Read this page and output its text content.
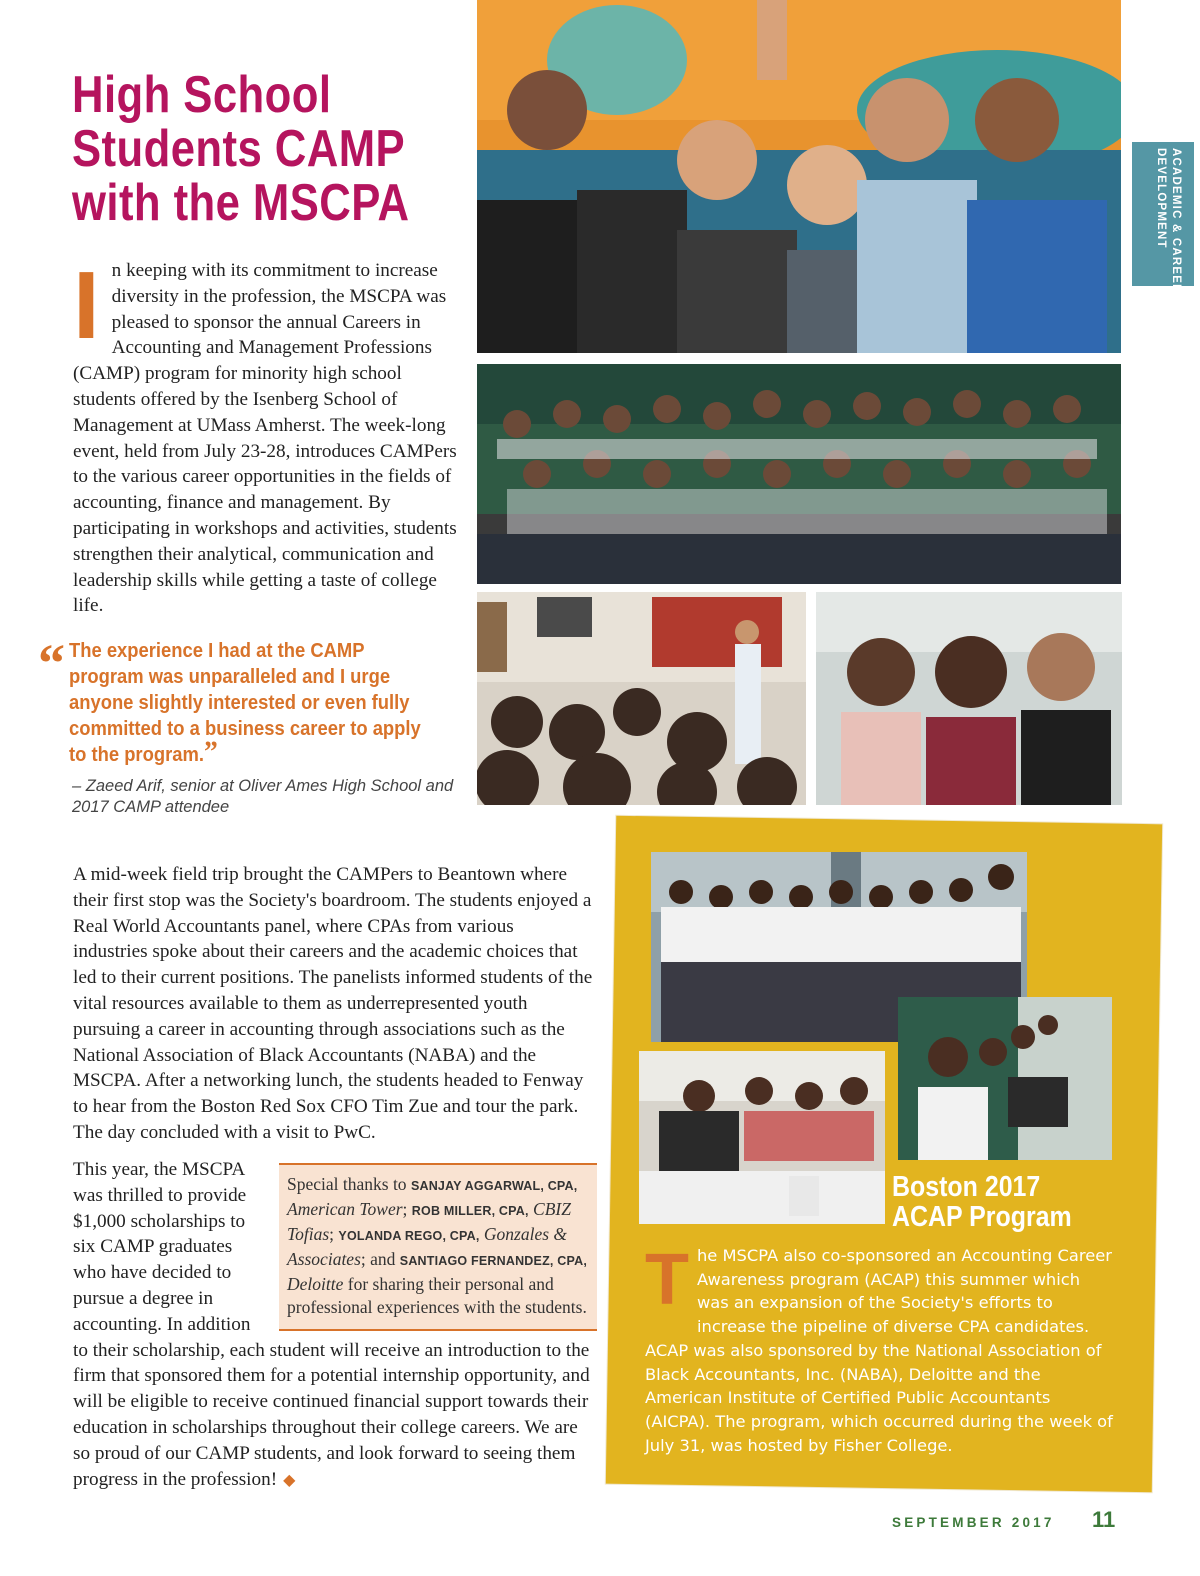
High School
Students CAMP
with the MSCPA
I n keeping with its commitment to increase diversity in the profession, the MSCPA was pleased to sponsor the annual Careers in Accounting and Management Professions (CAMP) program for minority high school students offered by the Isenberg School of Management at UMass Amherst. The week-long event, held from July 23-28, introduces CAMPers to the various career opportunities in the fields of accounting, finance and management. By participating in workshops and activities, students strengthen their analytical, communication and leadership skills while getting a taste of college life.

“ The experience I had at the CAMP program was unparalleled and I urge anyone slightly interested or even fully committed to a business career to apply to the program.”

– Zaeed Arif, senior at Oliver Ames High School and 2017 CAMP attendee

A mid-week field trip brought the CAMPers to Beantown where their first stop was the Society's boardroom. The students enjoyed a Real World Accountants panel, where CPAs from various industries spoke about their careers and the academic choices that led to their current positions. The panelists informed students of the vital resources available to them as underrepresented youth pursuing a career in accounting through associations such as the National Association of Black Accountants (NABA) and the MSCPA. After a networking lunch, the students headed to Fenway to hear from the Boston Red Sox CFO Tim Zue and tour the park. The day concluded with a visit to PwC.

Special thanks to SANJAY AGGARWAL, CPA, American Tower; ROB MILLER, CPA, CBIZ Tofias; YOLANDA REGO, CPA, Gonzales & Associates; and SANTIAGO FERNANDEZ, CPA, Deloitte for sharing their personal and professional experiences with the students.

This year, the MSCPA was thrilled to provide $1,000 scholarships to six CAMP graduates who have decided to pursue a degree in accounting. In addition to their scholarship, each student will receive an introduction to the firm that sponsored them for a potential internship opportunity, and will be eligible to receive continued financial support towards their education in scholarships throughout their college careers. We are so proud of our CAMP students, and look forward to seeing them progress in the profession! ◆

Boston 2017
ACAP Program
T he MSCPA also co-sponsored an Accounting Career Awareness program (ACAP) this summer which was an expansion of the Society's efforts to increase the pipeline of diverse CPA candidates. ACAP was also sponsored by the National Association of Black Accountants, Inc. (NABA), Deloitte and the American Institute of Certified Public Accountants (AICPA). The program, which occurred during the week of July 31, was hosted by Fisher College.

ACADEMIC & CAREER
DEVELOPMENT
SEPTEMBER 2017 11
